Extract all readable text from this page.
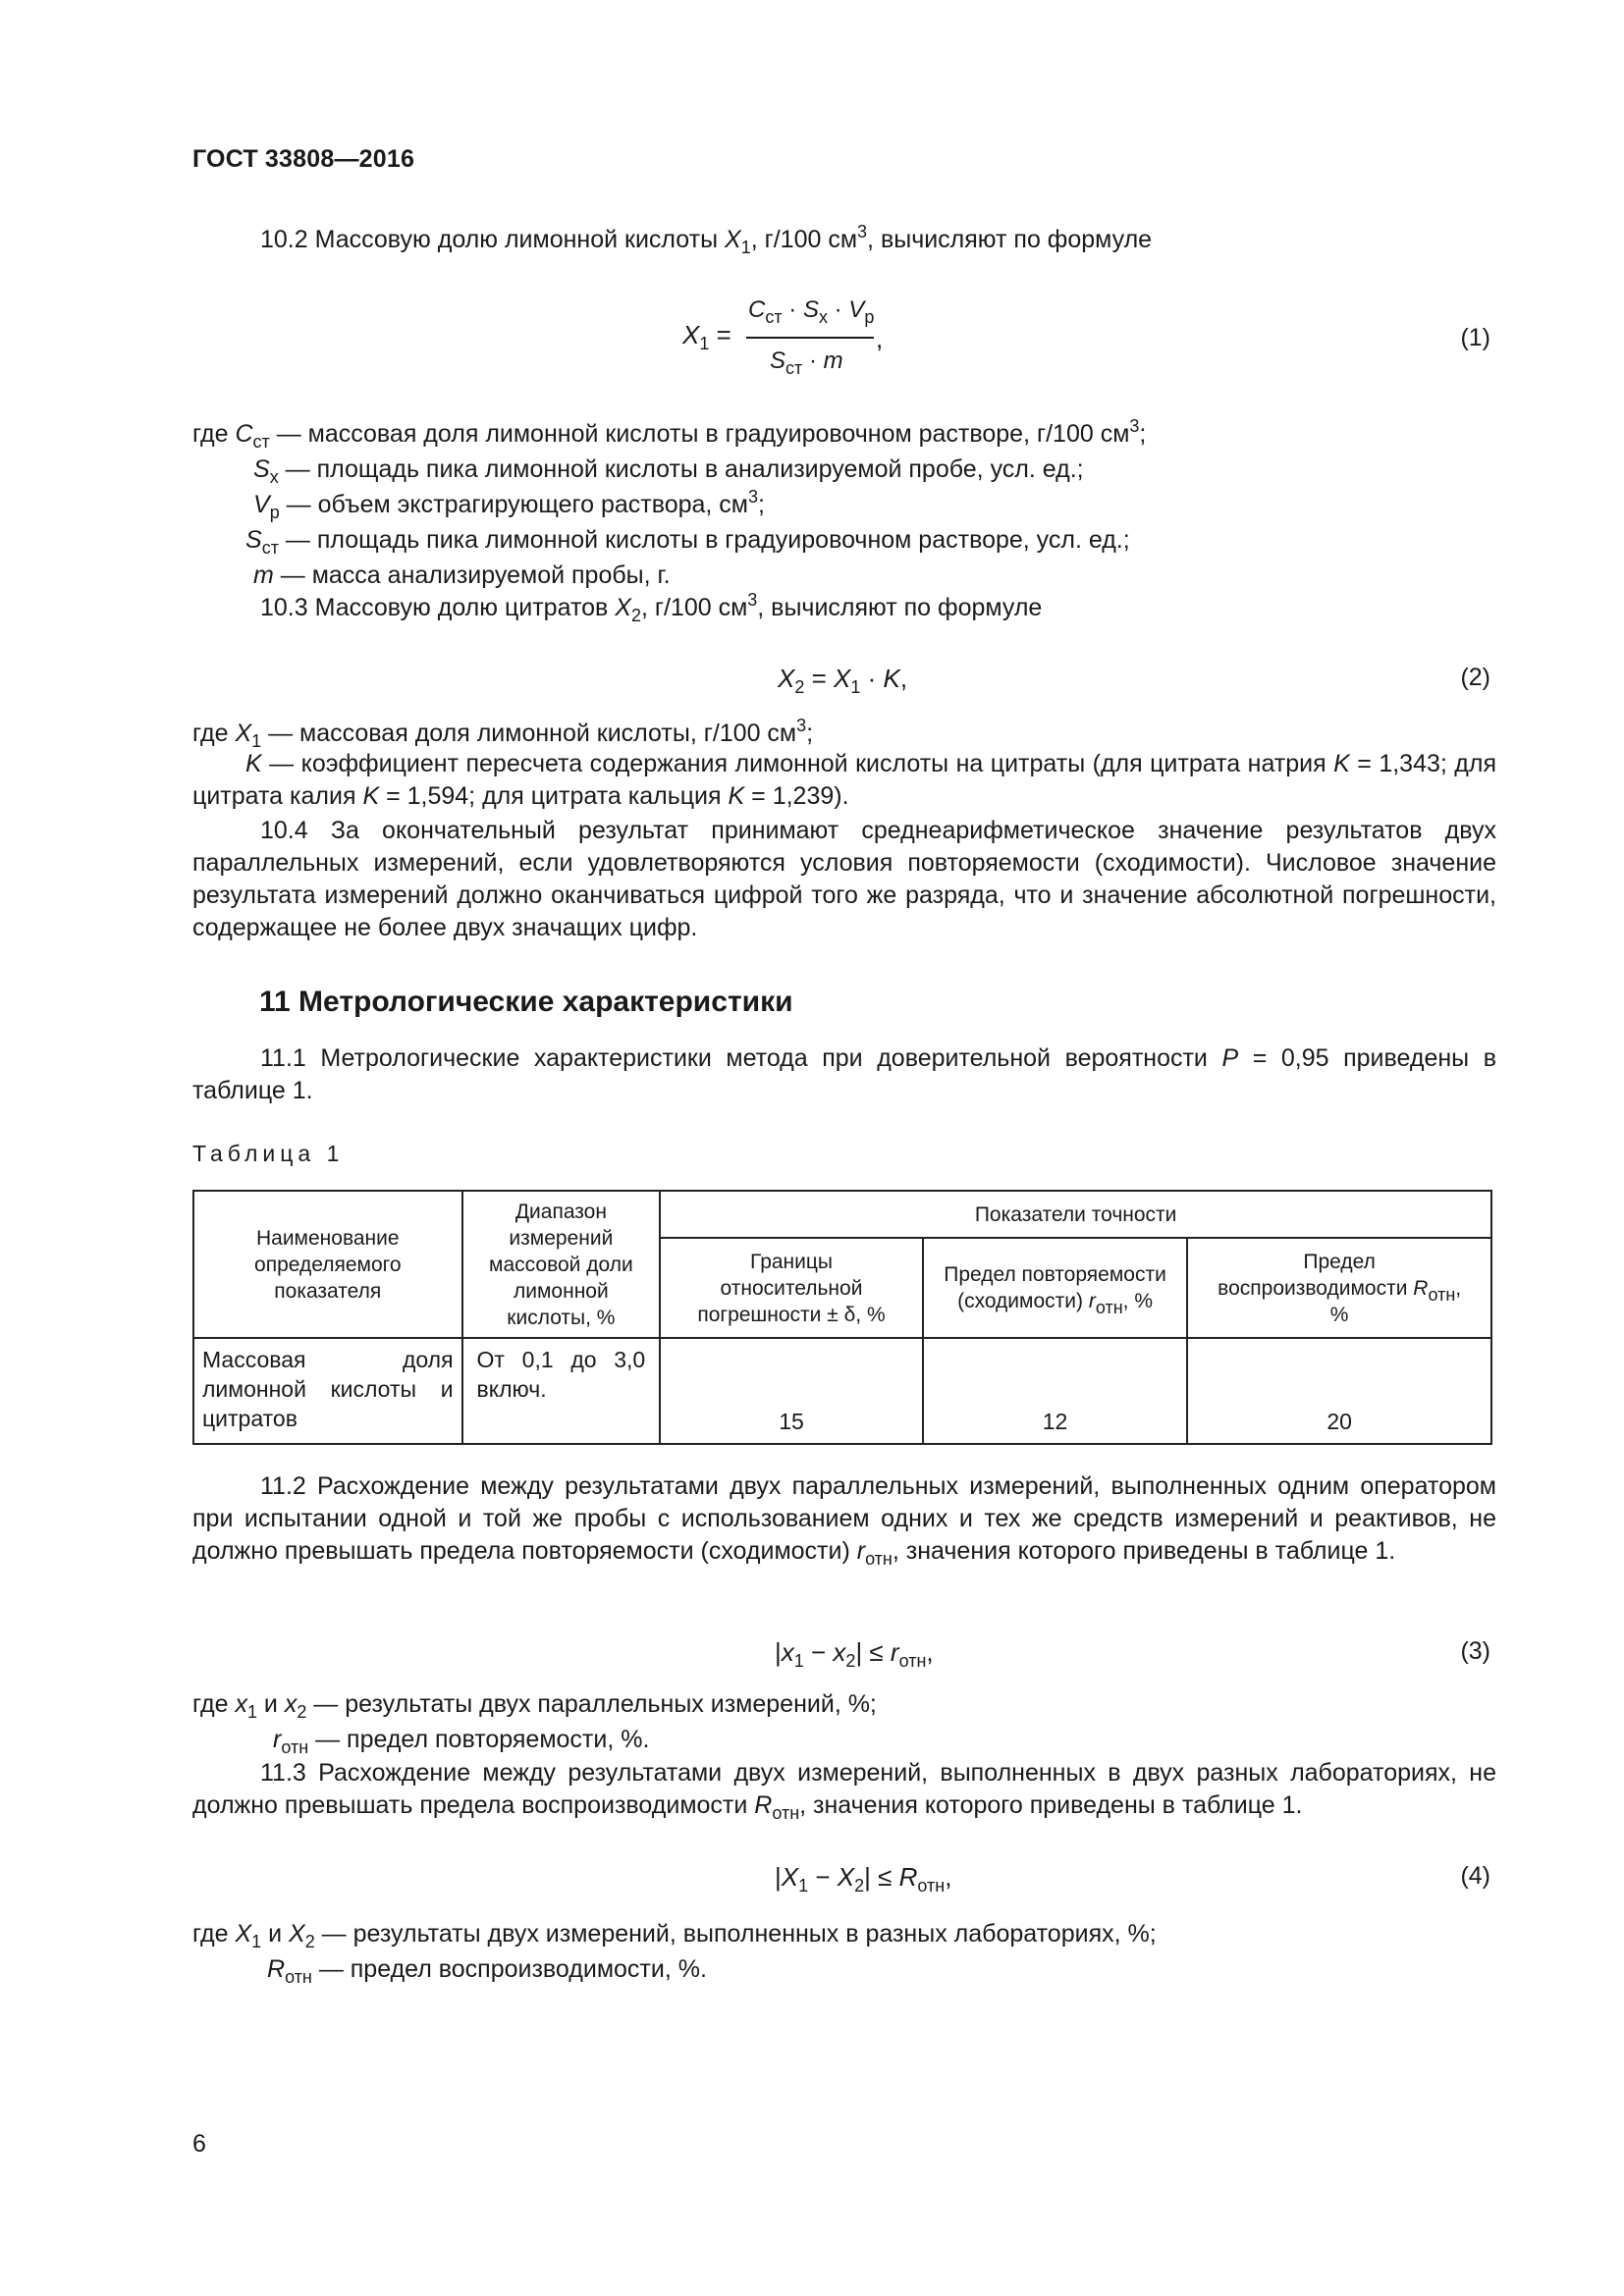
ГОСТ 33808—2016
10.2 Массовую долю лимонной кислоты $X_1$, г/100 $см^3$, вычисляют по формуле
$X_1$ =
$C_{ст} \cdot S_x \cdot V_р$
$S_{ст} \cdot m$
,	(1)
где $C_{ст}$ — массовая доля лимонной кислоты в градуировочном растворе, г/100 $см^3$;
$S_x$ — площадь пика лимонной кислоты в анализируемой пробе, усл. ед.;
$V_р$ — объем экстрагирующего раствора, $см^3$;
$S_{ст}$ — площадь пика лимонной кислоты в градуировочном растворе, усл. ед.;
m — масса анализируемой пробы, г.
10.3 Массовую долю цитратов $X_2$, г/100 $см^3$, вычисляют по формуле
$X_2 = X_1 \cdot K$,	(2)
где $X_1$ — массовая доля лимонной кислоты, г/100 $см^3$;
K — коэффициент пересчета содержания лимонной кислоты на цитраты (для цитрата натрия K = 1,343; для цитрата калия K = 1,594; для цитрата кальция K = 1,239).
10.4 За окончательный результат принимают среднеарифметическое значение результатов двух параллельных измерений, если удовлетворяются условия повторяемости (сходимости). Числовое значение результата измерений должно оканчиваться цифрой того же разряда, что и значение абсолютной погрешности, содержащее не более двух значащих цифр.
11 Метрологические характеристики
11.1 Метрологические характеристики метода при доверительной вероятности P = 0,95 приведены в таблице 1.
Таблица 1
Наименование определяемого показателя	Диапазон измерений массовой доли лимонной кислоты, %	Показатели точности		
		Границы относительной погрешности ± δ, %	Предел повторяемости (сходимости) $r_{отн}$, %	Предел воспроизводимости $R_{отн}$, %
Массовая доля лимонной кислоты и цитратов	От 0,1 до 3,0 включ.	15	12	20
11.2 Расхождение между результатами двух параллельных измерений, выполненных одним оператором при испытании одной и той же пробы с использованием одних и тех же средств измерений и реактивов, не должно превышать предела повторяемости (сходимости) $r_{отн}$, значения которого приведены в таблице 1.
$|x_1 - x_2| \le r_{отн}$,	(3)
где $x_1$ и $x_2$ — результаты двух параллельных измерений, %;
$r_{отн}$ — предел повторяемости, %.
11.3 Расхождение между результатами двух измерений, выполненных в двух разных лабораториях, не должно превышать предела воспроизводимости $R_{отн}$, значения которого приведены в таблице 1.
$|X_1 - X_2| \le R_{отн}$,	(4)
где $X_1$ и $X_2$ — результаты двух измерений, выполненных в разных лабораториях, %;
$R_{отн}$ — предел воспроизводимости, %.
6
